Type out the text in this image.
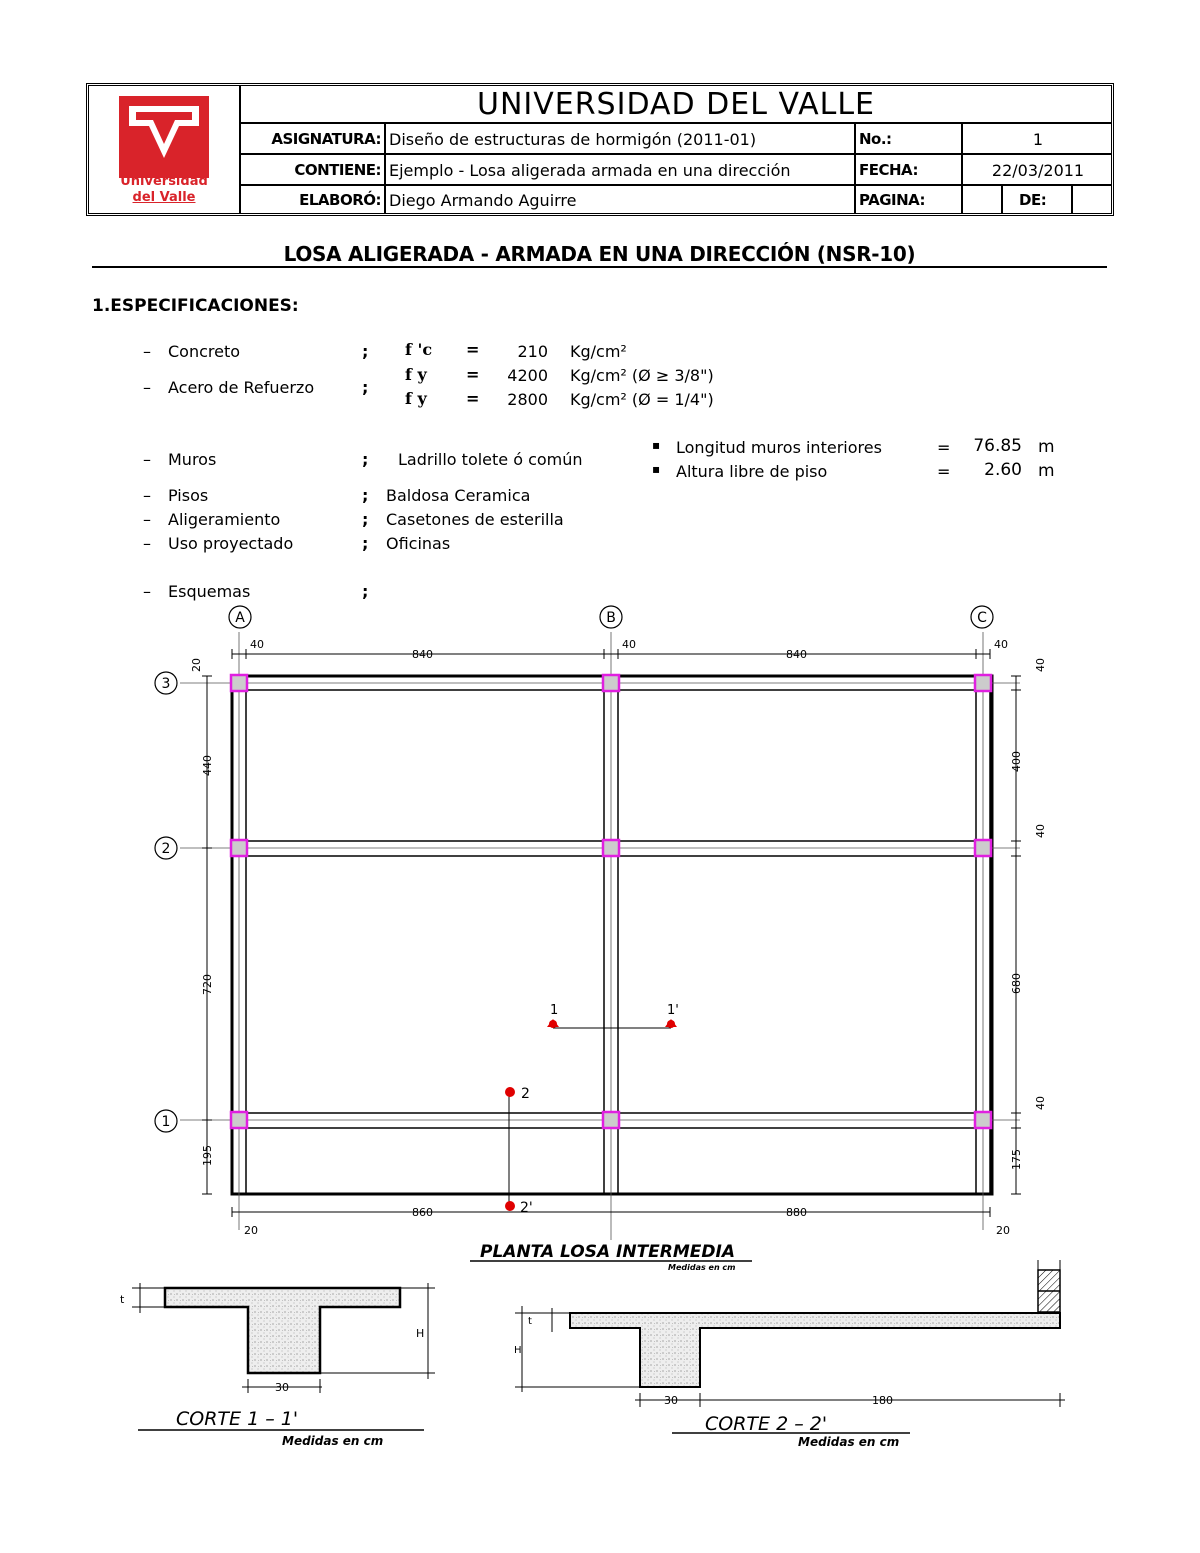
Universidad
del Valle
UNIVERSIDAD DEL VALLE
ASIGNATURA: Diseño de estructuras de hormigón (2011-01)	No.:	1
CONTIENE: Ejemplo - Losa aligerada armada en una dirección	FECHA:	22/03/2011
ELABORÓ: Diego Armando Aguirre	PAGINA:	DE:
LOSA ALIGERADA - ARMADA EN UNA DIRECCIÓN (NSR-10)
1.ESPECIFICACIONES:
– Concreto	; f 'c =	210 Kg/cm²
– Acero de Refuerzo	;
f y =	4200 Kg/cm² (Ø ≥ 3/8")
f y =	2800 Kg/cm² (Ø = 1/4")
– Muros	; Ladrillo tolete ó común
▪ Longitud muros interiores	= 76.85 m
▪ Altura libre de piso	=	2.60 m
– Pisos	; Baldosa Ceramica
– Aligeramiento	; Casetones de esterilla
– Uso proyectado	; Oficinas
– Esquemas	;
A	B	C
3
2
1
40
840
40
840
40
860	880
20	20
20
440
720
195
40
400
40
680
40
175
1	1'
2
2'
PLANTA LOSA INTERMEDIA
Medidas en cm
t
H
30
CORTE 1 – 1'
Medidas en cm
t
H
30	180
CORTE 2 – 2'
Medidas en cm
